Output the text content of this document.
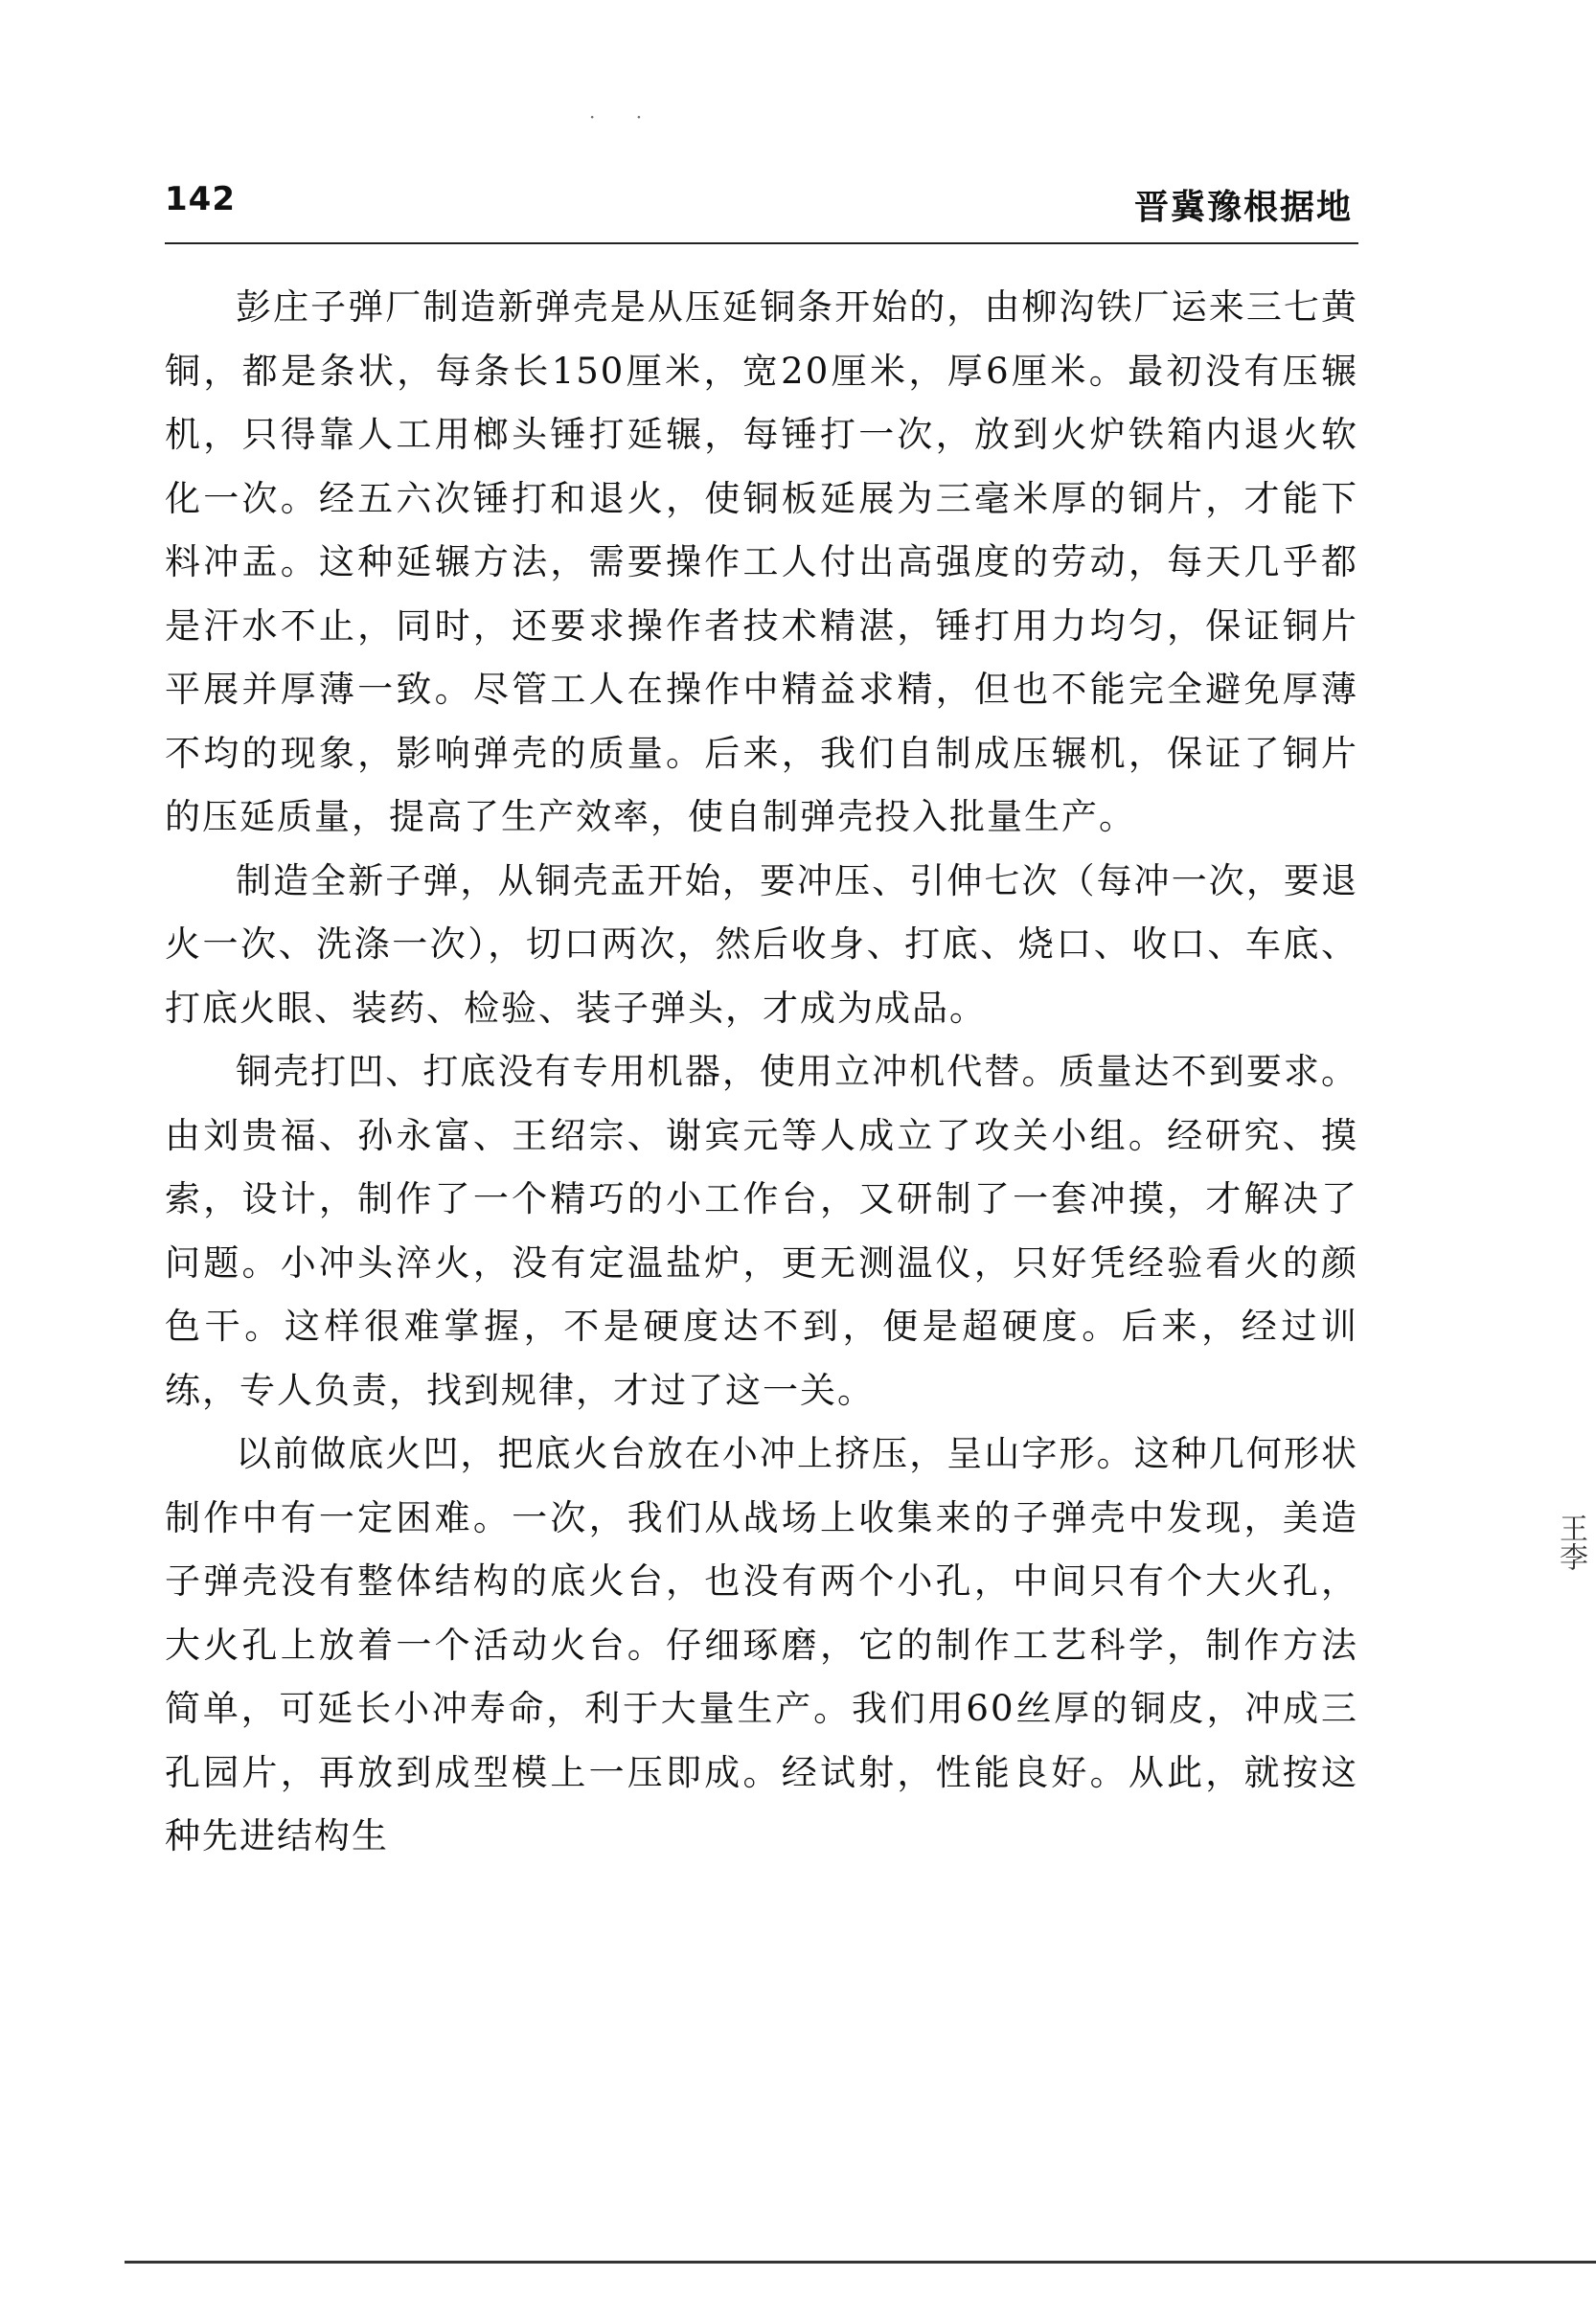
· ·
142	晋冀豫根据地

彭庄子弹厂制造新弹壳是从压延铜条开始的，由柳沟铁厂运来三七黄铜，都是条状，每条长150厘米，宽20厘米，厚6厘米。最初没有压辗机，只得靠人工用榔头锤打延辗，每锤打一次，放到火炉铁箱内退火软化一次。经五六次锤打和退火，使铜板延展为三毫米厚的铜片，才能下料冲盂。这种延辗方法，需要操作工人付出高强度的劳动，每天几乎都是汗水不止，同时，还要求操作者技术精湛，锤打用力均匀，保证铜片平展并厚薄一致。尽管工人在操作中精益求精，但也不能完全避免厚薄不均的现象，影响弹壳的质量。后来，我们自制成压辗机，保证了铜片的压延质量，提高了生产效率，使自制弹壳投入批量生产。

制造全新子弹，从铜壳盂开始，要冲压、引伸七次（每冲一次，要退火一次、洗涤一次），切口两次，然后收身、打底、烧口、收口、车底、打底火眼、装药、检验、装子弹头，才成为成品。

铜壳打凹、打底没有专用机器，使用立冲机代替。质量达不到要求。由刘贵福、孙永富、王绍宗、谢宾元等人成立了攻关小组。经研究、摸索，设计，制作了一个精巧的小工作台，又研制了一套冲摸，才解决了问题。小冲头淬火，没有定温盐炉，更无测温仪，只好凭经验看火的颜色干。这样很难掌握，不是硬度达不到，便是超硬度。后来，经过训练，专人负责，找到规律，才过了这一关。

以前做底火凹，把底火台放在小冲上挤压，呈山字形。这种几何形状制作中有一定困难。一次，我们从战场上收集来的子弹壳中发现，美造子弹壳没有整体结构的底火台，也没有两个小孔，中间只有个大火孔，大火孔上放着一个活动火台。仔细琢磨，它的制作工艺科学，制作方法简单，可延长小冲寿命，利于大量生产。我们用60丝厚的铜皮，冲成三孔园片，再放到成型模上一压即成。经试射，性能良好。从此，就按这种先进结构生

王李
